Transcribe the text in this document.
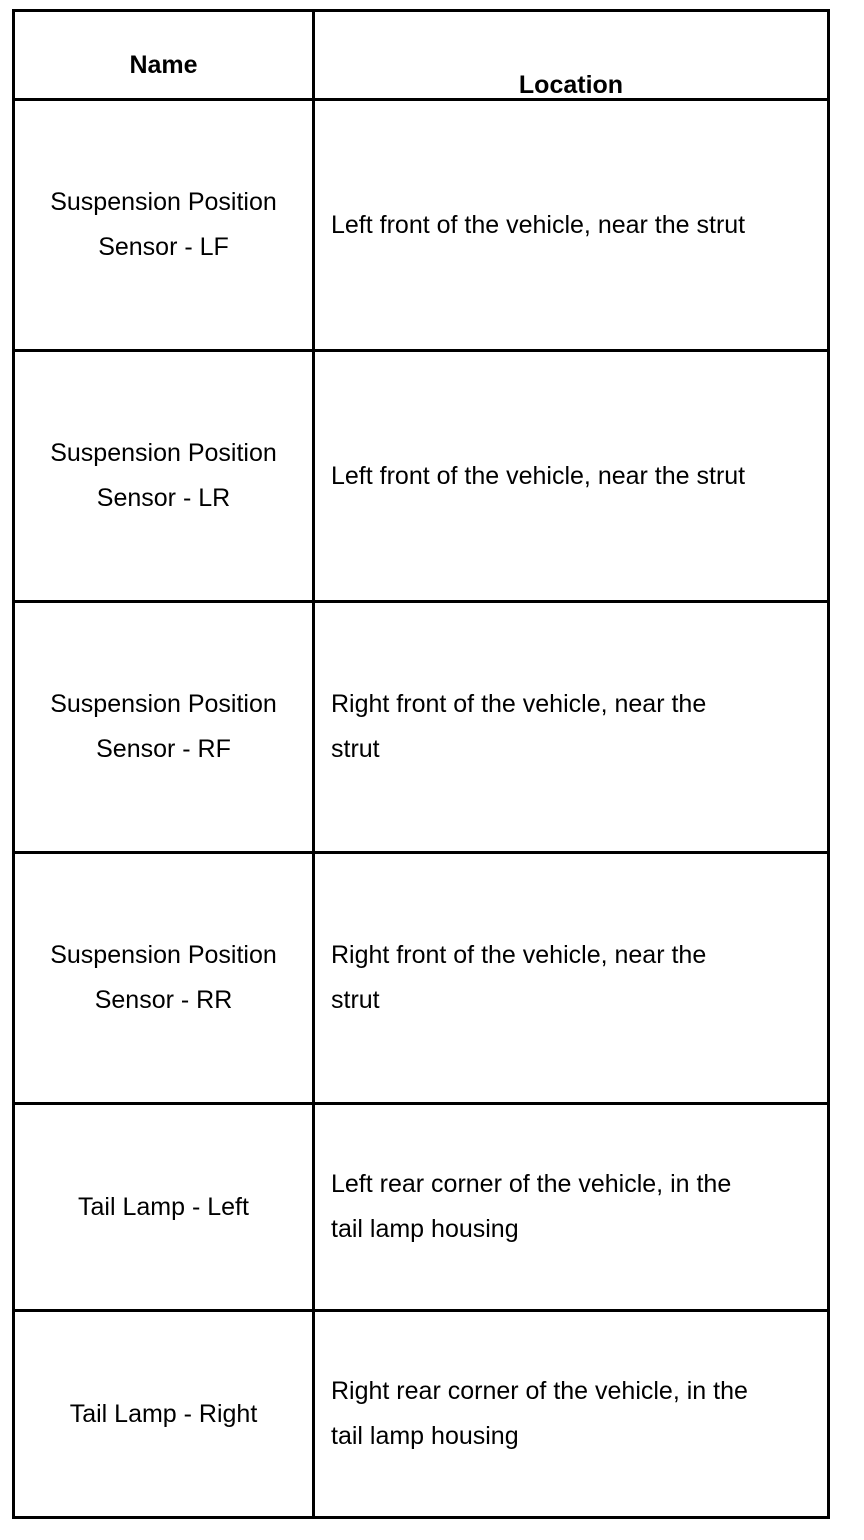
Name	Location

Suspension Position Sensor - LF	Left front of the vehicle, near the strut

Suspension Position Sensor - LR	Left front of the vehicle, near the strut

Suspension Position Sensor - RF	Right front of the vehicle, near the strut

Suspension Position Sensor - RR	Right front of the vehicle, near the strut

Tail Lamp - Left	Left rear corner of the vehicle, in the tail lamp housing

Tail Lamp - Right	Right rear corner of the vehicle, in the tail lamp housing
